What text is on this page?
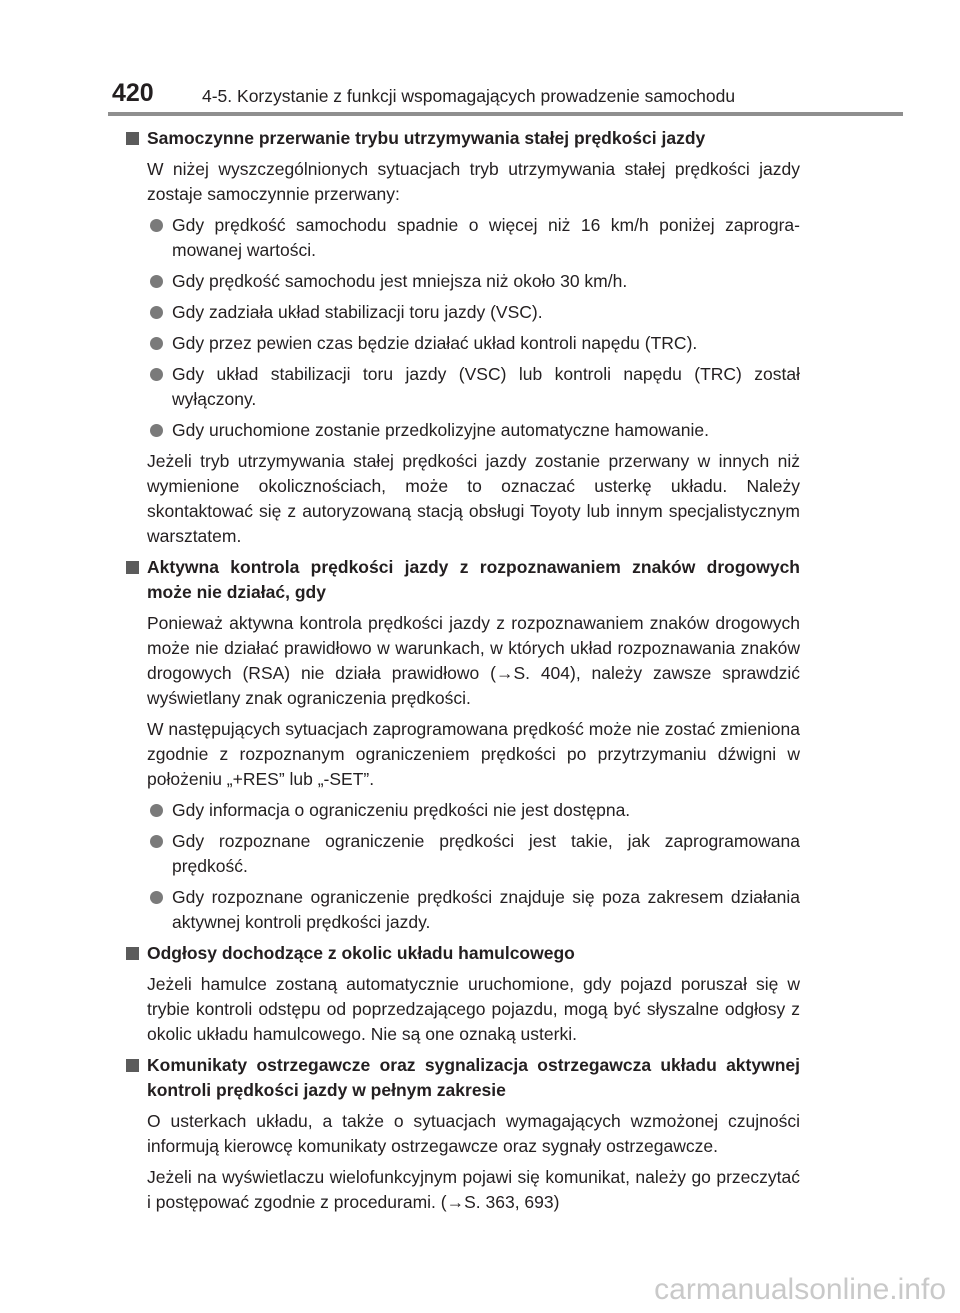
420	4-5. Korzystanie z funkcji wspomagających prowadzenie samochodu
Samoczynne przerwanie trybu utrzymywania stałej prędkości jazdy
W niżej wyszczególnionych sytuacjach tryb utrzymywania stałej prędkości jazdy zostaje samoczynnie przerwany:
Gdy prędkość samochodu spadnie o więcej niż 16 km/h poniżej zaprogramowanej wartości.
Gdy prędkość samochodu jest mniejsza niż około 30 km/h.
Gdy zadziała układ stabilizacji toru jazdy (VSC).
Gdy przez pewien czas będzie działać układ kontroli napędu (TRC).
Gdy układ stabilizacji toru jazdy (VSC) lub kontroli napędu (TRC) został wyłączony.
Gdy uruchomione zostanie przedkolizyjne automatyczne hamowanie.
Jeżeli tryb utrzymywania stałej prędkości jazdy zostanie przerwany w innych niż wymienione okolicznościach, może to oznaczać usterkę układu. Należy skontaktować się z autoryzowaną stacją obsługi Toyoty lub innym specjalistycznym warsztatem.
Aktywna kontrola prędkości jazdy z rozpoznawaniem znaków drogowych może nie działać, gdy
Ponieważ aktywna kontrola prędkości jazdy z rozpoznawaniem znaków drogowych może nie działać prawidłowo w warunkach, w których układ rozpoznawania znaków drogowych (RSA) nie działa prawidłowo (→S. 404), należy zawsze sprawdzić wyświetlany znak ograniczenia prędkości.
W następujących sytuacjach zaprogramowana prędkość może nie zostać zmieniona zgodnie z rozpoznanym ograniczeniem prędkości po przytrzymaniu dźwigni w położeniu „+RES” lub „-SET”.
Gdy informacja o ograniczeniu prędkości nie jest dostępna.
Gdy rozpoznane ograniczenie prędkości jest takie, jak zaprogramowana prędkość.
Gdy rozpoznane ograniczenie prędkości znajduje się poza zakresem działania aktywnej kontroli prędkości jazdy.
Odgłosy dochodzące z okolic układu hamulcowego
Jeżeli hamulce zostaną automatycznie uruchomione, gdy pojazd poruszał się w trybie kontroli odstępu od poprzedzającego pojazdu, mogą być słyszalne odgłosy z okolic układu hamulcowego. Nie są one oznaką usterki.
Komunikaty ostrzegawcze oraz sygnalizacja ostrzegawcza układu aktywnej kontroli prędkości jazdy w pełnym zakresie
O usterkach układu, a także o sytuacjach wymagających wzmożonej czujności informują kierowcę komunikaty ostrzegawcze oraz sygnały ostrzegawcze.
Jeżeli na wyświetlaczu wielofunkcyjnym pojawi się komunikat, należy go przeczytać i postępować zgodnie z procedurami. (→S. 363, 693)
carmanualsonline.info
